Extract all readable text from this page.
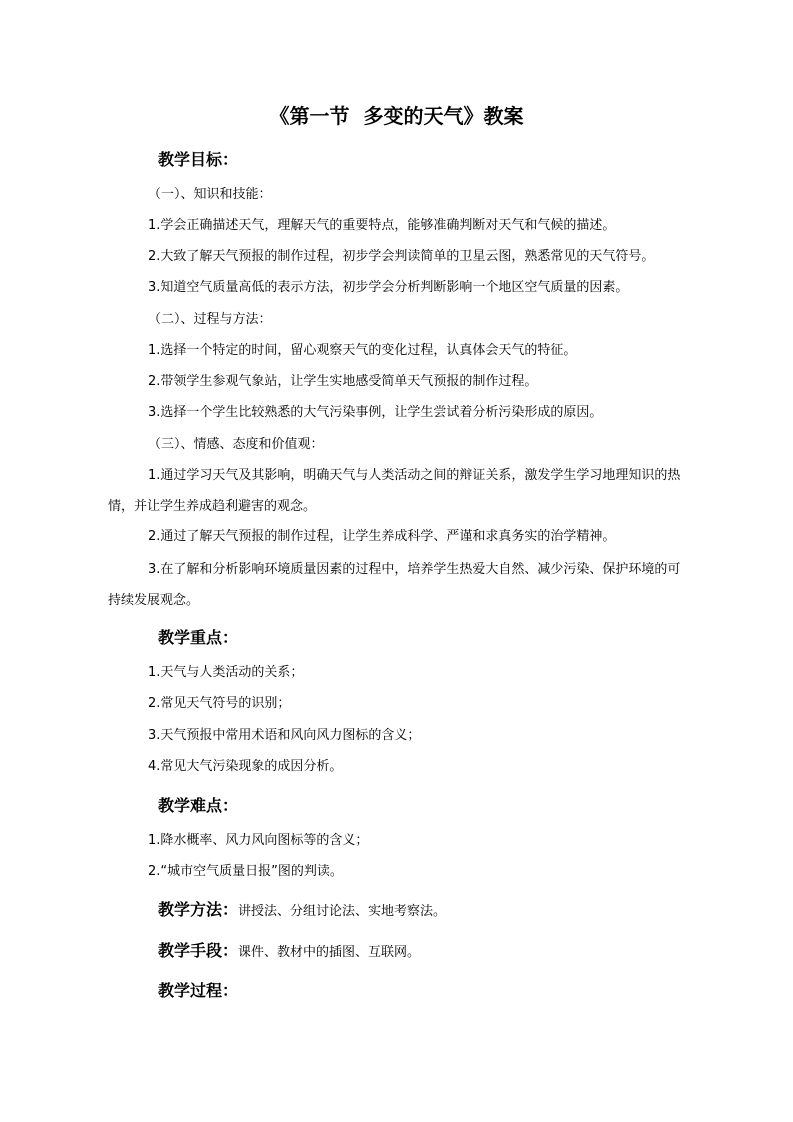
《第一节  多变的天气》教案
教学目标：
（一）、知识和技能：
1.学会正确描述天气，理解天气的重要特点，能够准确判断对天气和气候的描述。
2.大致了解天气预报的制作过程，初步学会判读简单的卫星云图，熟悉常见的天气符号。
3.知道空气质量高低的表示方法，初步学会分析判断影响一个地区空气质量的因素。
（二）、过程与方法：
1.选择一个特定的时间，留心观察天气的变化过程，认真体会天气的特征。
2.带领学生参观气象站，让学生实地感受简单天气预报的制作过程。
3.选择一个学生比较熟悉的大气污染事例，让学生尝试着分析污染形成的原因。
（三）、情感、态度和价值观：
1.通过学习天气及其影响，明确天气与人类活动之间的辩证关系，激发学生学习地理知识的热情，并让学生养成趋利避害的观念。
2.通过了解天气预报的制作过程，让学生养成科学、严谨和求真务实的治学精神。
3.在了解和分析影响环境质量因素的过程中，培养学生热爱大自然、减少污染、保护环境的可持续发展观念。
教学重点：
1.天气与人类活动的关系；
2.常见天气符号的识别；
3.天气预报中常用术语和风向风力图标的含义；
4.常见大气污染现象的成因分析。
教学难点：
1.降水概率、风力风向图标等的含义；
2.“城市空气质量日报”图的判读。
教学方法：讲授法、分组讨论法、实地考察法。
教学手段：课件、教材中的插图、互联网。
教学过程：
